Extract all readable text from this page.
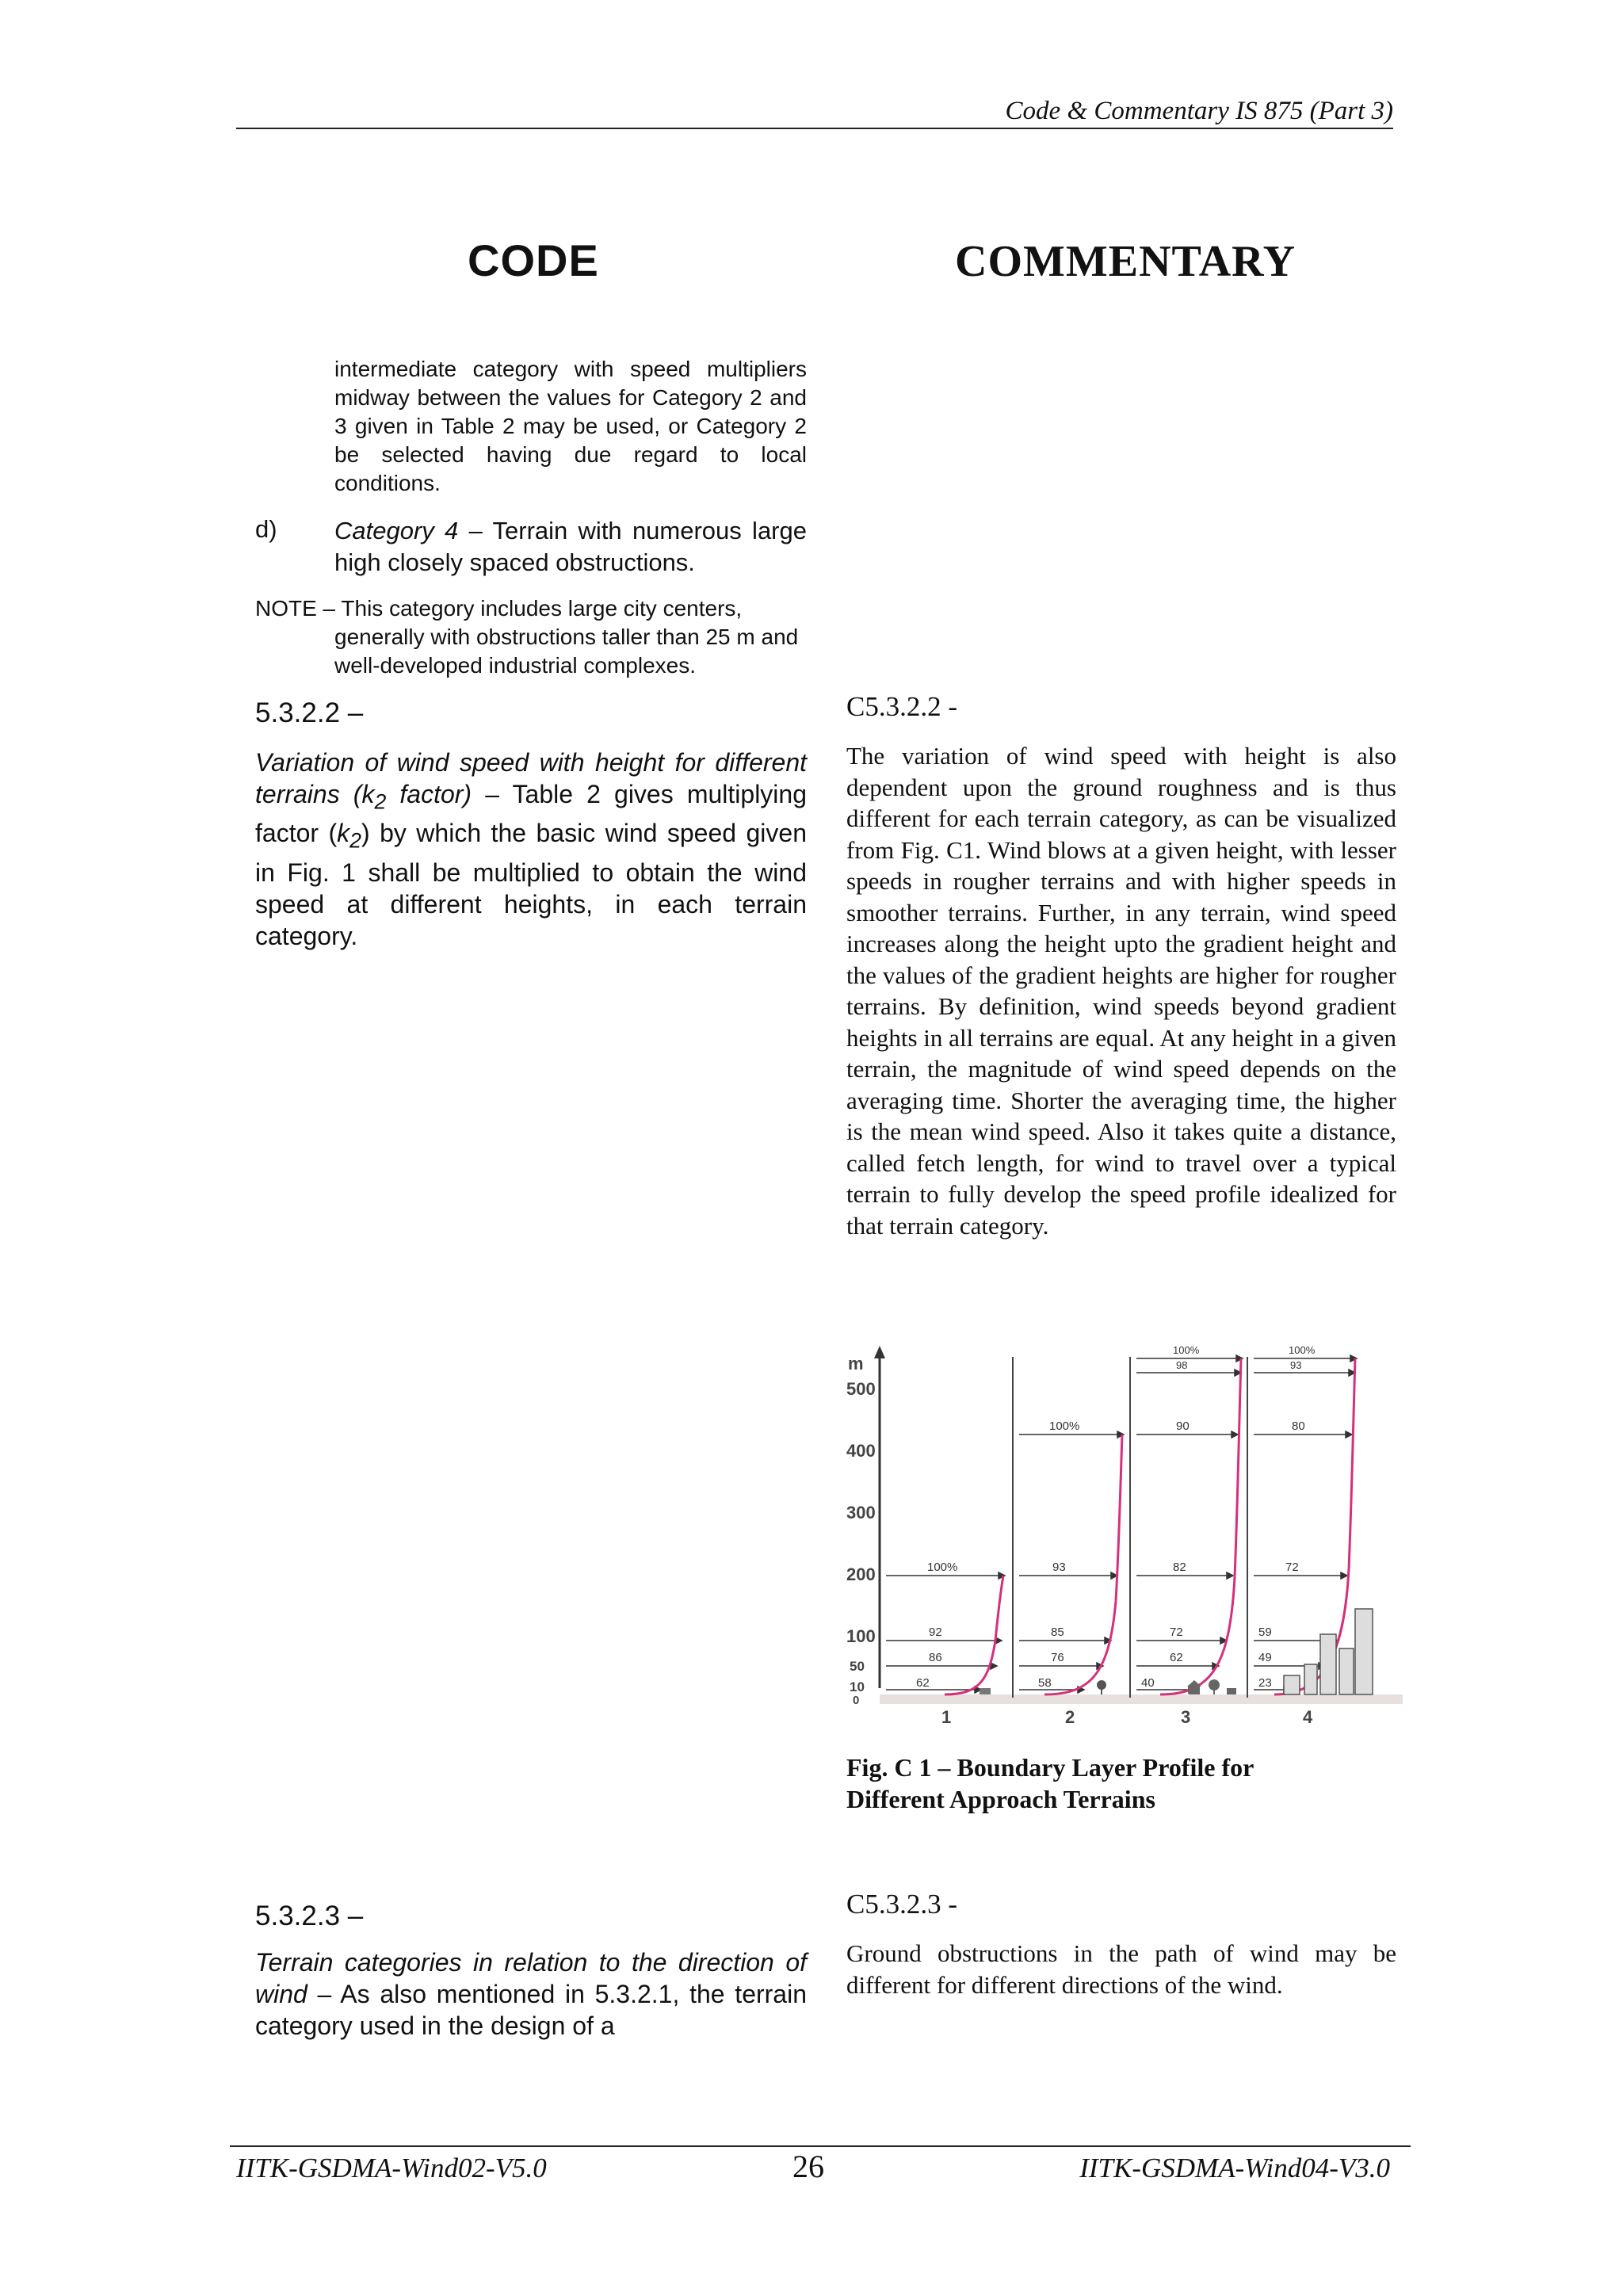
Code & Commentary IS 875 (Part 3)
CODE	COMMENTARY
intermediate category with speed multipliers midway between the values for Category 2 and 3 given in Table 2 may be used, or Category 2 be selected having due regard to local conditions.
d) Category 4 – Terrain with numerous large high closely spaced obstructions.
NOTE – This category includes large city centers,
generally with obstructions taller than 25 m and well-developed industrial complexes.
5.3.2.2 –
Variation of wind speed with height for different terrains ($k_2$ factor) – Table 2 gives multiplying factor $(k_2)$ by which the basic wind speed given in Fig. 1 shall be multiplied to obtain the wind speed at different heights, in each terrain category.
5.3.2.3 –
Terrain categories in relation to the direction of wind – As also mentioned in 5.3.2.1, the terrain category used in the design of a
C5.3.2.2 -
The variation of wind speed with height is also dependent upon the ground roughness and is thus different for each terrain category, as can be visualized from Fig. C1. Wind blows at a given height, with lesser speeds in rougher terrains and with higher speeds in smoother terrains. Further, in any terrain, wind speed increases along the height upto the gradient height and the values of the gradient heights are higher for rougher terrains. By definition, wind speeds beyond gradient heights in all terrains are equal. At any height in a given terrain, the magnitude of wind speed depends on the averaging time. Shorter the averaging time, the higher is the mean wind speed. Also it takes quite a distance, called fetch length, for wind to travel over a typical terrain to fully develop the speed profile idealized for that terrain category.
m
500
400
300
200
100
50
10
0
100%
92
86
62
100%
93
85
76
58
100%
98
90
82
72
62
40
100%
93
80
72
59
49
23
1	2	3	4
Fig. C 1 – Boundary Layer Profile for
Different Approach Terrains
C5.3.2.3 -
Ground obstructions in the path of wind may be different for different directions of the wind.
IITK-GSDMA-Wind02-V5.0	26	IITK-GSDMA-Wind04-V3.0
